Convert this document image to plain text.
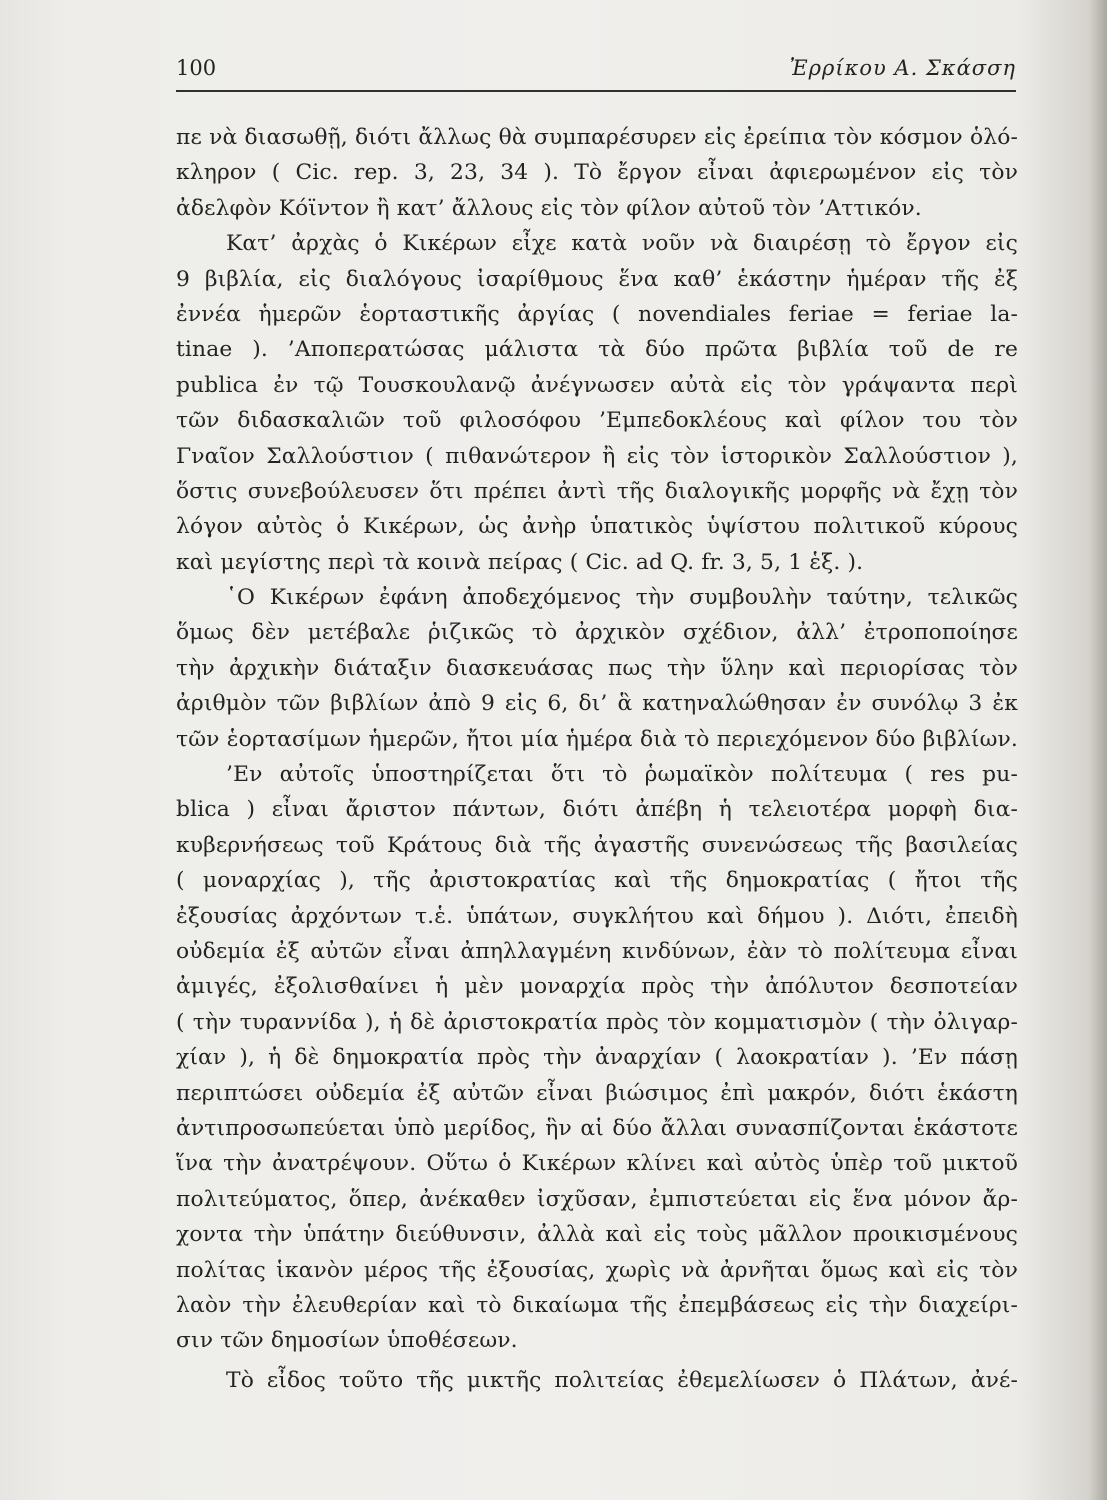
100	Ἐρρίκου Α. Σκάσση
πε νὰ διασωθῇ, διότι ἄλλως θὰ συμπαρέσυρεν εἰς ἐρείπια τὸν κόσμον ὁλό-
κληρον ( Cic. rep. 3, 23, 34 ). Τὸ ἔργον εἶναι ἀφιερωμένον εἰς τὸν
ἀδελφὸν Κόϊντον ἢ κατ’ ἄλλους εἰς τὸν φίλον αὐτοῦ τὸν ’Αττικόν.
Κατ’ ἀρχὰς ὁ Κικέρων εἶχε κατὰ νοῦν νὰ διαιρέσῃ τὸ ἔργον εἰς
9 βιβλία, εἰς διαλόγους ἰσαρίθμους ἕνα καθ’ ἑκάστην ἡμέραν τῆς ἐξ
ἐννέα ἡμερῶν ἑορταστικῆς ἀργίας ( novendiales feriae = feriae la-
tinae ). ’Αποπερατώσας μάλιστα τὰ δύο πρῶτα βιβλία τοῦ de re
publica ἐν τῷ Τουσκουλανῷ ἀνέγνωσεν αὐτὰ εἰς τὸν γράψαντα περὶ
τῶν διδασκαλιῶν τοῦ φιλοσόφου ’Εμπεδοκλέους καὶ φίλον του τὸν
Γναῖον Σαλλούστιον ( πιθανώτερον ἢ εἰς τὸν ἱστορικὸν Σαλλούστιον ),
ὅστις συνεβούλευσεν ὅτι πρέπει ἀντὶ τῆς διαλογικῆς μορφῆς νὰ ἔχῃ τὸν
λόγον αὐτὸς ὁ Κικέρων, ὡς ἀνὴρ ὑπατικὸς ὑψίστου πολιτικοῦ κύρους
καὶ μεγίστης περὶ τὰ κοινὰ πείρας ( Cic. ad Q. fr. 3, 5, 1 ἑξ. ).
῾Ο Κικέρων ἐφάνη ἀποδεχόμενος τὴν συμβουλὴν ταύτην, τελικῶς
ὅμως δὲν μετέβαλε ῥιζικῶς τὸ ἀρχικὸν σχέδιον, ἀλλ’ ἐτροποποίησε
τὴν ἀρχικὴν διάταξιν διασκευάσας πως τὴν ὕλην καὶ περιορίσας τὸν
ἀριθμὸν τῶν βιβλίων ἀπὸ 9 εἰς 6, δι’ ἃ κατηναλώθησαν ἐν συνόλῳ 3 ἐκ
τῶν ἑορτασίμων ἡμερῶν, ἤτοι μία ἡμέρα διὰ τὸ περιεχόμενον δύο βιβλίων.
’Εν αὐτοῖς ὑποστηρίζεται ὅτι τὸ ῥωμαϊκὸν πολίτευμα ( res pu-
blica ) εἶναι ἄριστον πάντων, διότι ἀπέβη ἡ τελειοτέρα μορφὴ δια-
κυβερνήσεως τοῦ Κράτους διὰ τῆς ἀγαστῆς συνενώσεως τῆς βασιλείας
( μοναρχίας ), τῆς ἀριστοκρατίας καὶ τῆς δημοκρατίας ( ἤτοι τῆς
ἐξουσίας ἀρχόντων τ.ἑ. ὑπάτων, συγκλήτου καὶ δήμου ). Διότι, ἐπειδὴ
οὐδεμία ἐξ αὐτῶν εἶναι ἀπηλλαγμένη κινδύνων, ἐὰν τὸ πολίτευμα εἶναι
ἀμιγές, ἐξολισθαίνει ἡ μὲν μοναρχία πρὸς τὴν ἀπόλυτον δεσποτείαν
( τὴν τυραννίδα ), ἡ δὲ ἀριστοκρατία πρὸς τὸν κομματισμὸν ( τὴν ὀλιγαρ-
χίαν ), ἡ δὲ δημοκρατία πρὸς τὴν ἀναρχίαν ( λαοκρατίαν ). ’Εν πάσῃ
περιπτώσει οὐδεμία ἐξ αὐτῶν εἶναι βιώσιμος ἐπὶ μακρόν, διότι ἑκάστη
ἀντιπροσωπεύεται ὑπὸ μερίδος, ἣν αἱ δύο ἄλλαι συνασπίζονται ἑκάστοτε
ἵνα τὴν ἀνατρέψουν. Οὕτω ὁ Κικέρων κλίνει καὶ αὐτὸς ὑπὲρ τοῦ μικτοῦ
πολιτεύματος, ὅπερ, ἀνέκαθεν ἰσχῦσαν, ἐμπιστεύεται εἰς ἕνα μόνον ἄρ-
χοντα τὴν ὑπάτην διεύθυνσιν, ἀλλὰ καὶ εἰς τοὺς μᾶλλον προικισμένους
πολίτας ἱκανὸν μέρος τῆς ἐξουσίας, χωρὶς νὰ ἀρνῆται ὅμως καὶ εἰς τὸν
λαὸν τὴν ἐλευθερίαν καὶ τὸ δικαίωμα τῆς ἐπεμβάσεως εἰς τὴν διαχείρι-
σιν τῶν δημοσίων ὑποθέσεων.
Τὸ εἶδος τοῦτο τῆς μικτῆς πολιτείας ἐθεμελίωσεν ὁ Πλάτων, ἀνέ-
